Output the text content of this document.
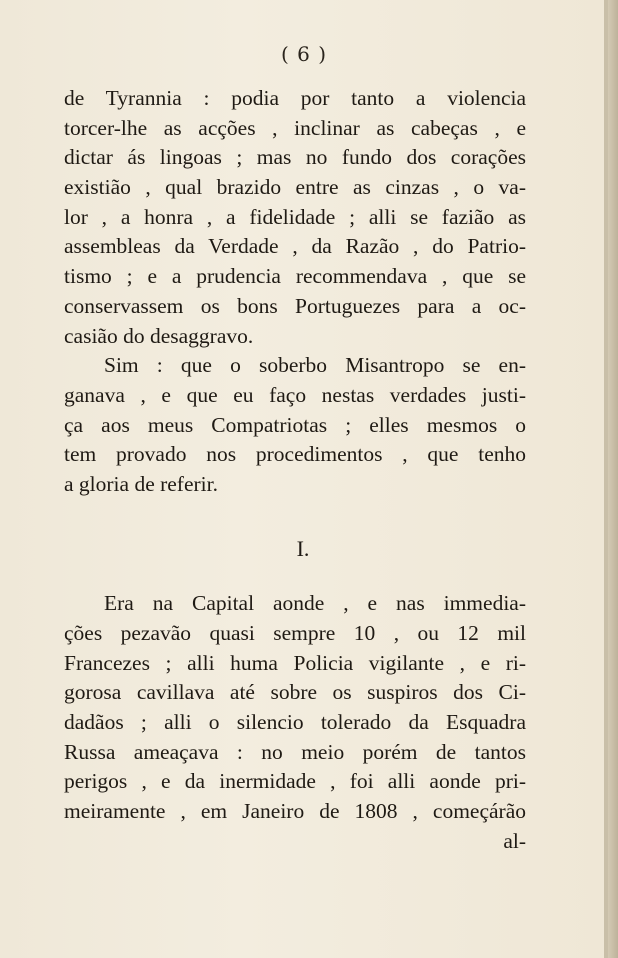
( 6 )
de Tyrannia : podia por tanto a violencia
torcer-lhe as acções , inclinar as cabeças , e
dictar ás lingoas ; mas no fundo dos corações
existião , qual brazido entre as cinzas , o va-
lor , a honra , a fidelidade ; alli se fazião as
assembleas da Verdade , da Razão , do Patrio-
tismo ; e a prudencia recommendava , que se
conservassem os bons Portuguezes para a oc-
casião do desaggravo.
Sim : que o soberbo Misantropo se en-
ganava , e que eu faço nestas verdades justi-
ça aos meus Compatriotas ; elles mesmos o
tem provado nos procedimentos , que tenho
a gloria de referir.
I.
Era na Capital aonde , e nas immedia-
ções pezavão quasi sempre 10 , ou 12 mil
Francezes ; alli huma Policia vigilante , e ri-
gorosa cavillava até sobre os suspiros dos Ci-
dadãos ; alli o silencio tolerado da Esquadra
Russa ameaçava : no meio porém de tantos
perigos , e da inermidade , foi alli aonde pri-
meiramente , em Janeiro de 1808 , começárão
al-
